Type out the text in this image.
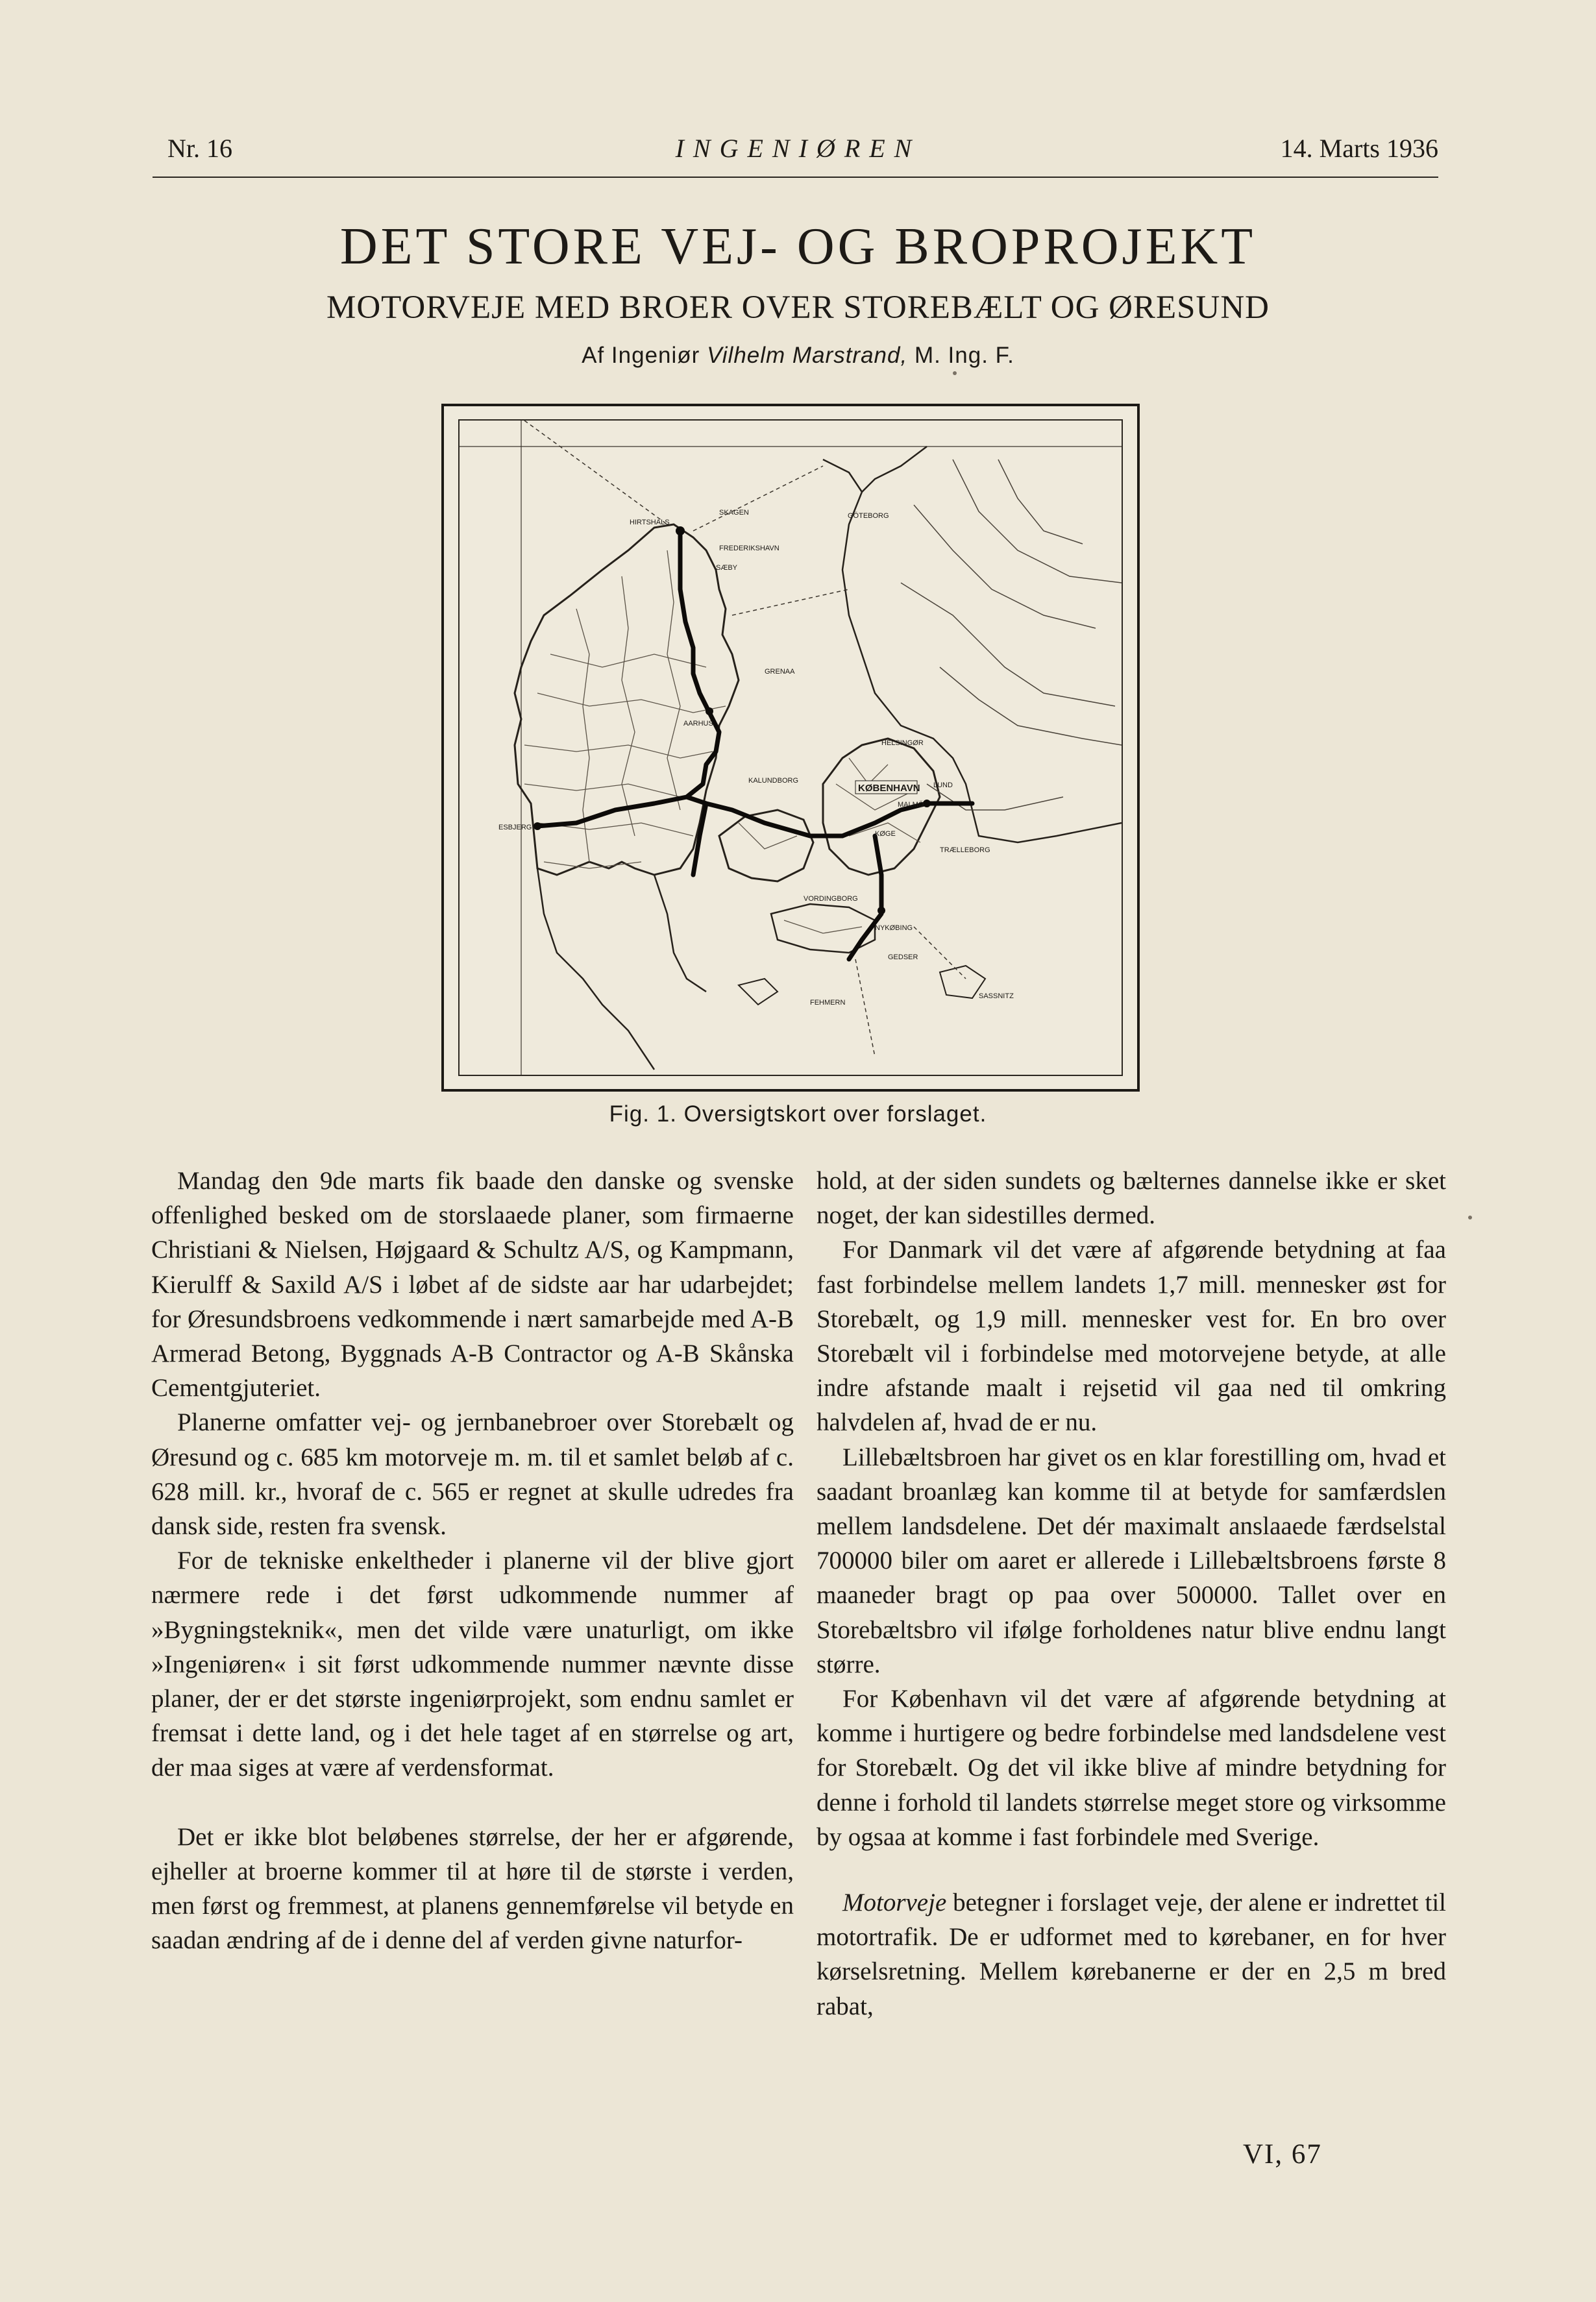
Nr. 16	INGENIØREN	14. Marts 1936
DET STORE VEJ- OG BROPROJEKT
MOTORVEJE MED BROER OVER STOREBÆLT OG ØRESUND
Af Ingeniør Vilhelm Marstrand, M. Ing. F.
HIRTSHALS
SKAGEN
FREDERIKSHAVN
SÆBY
GÖTEBORG
GRENAA
AARHUS
KALUNDBORG
MALMÖ
LUND
KØGE
TRÆLLEBORG
VORDINGBORG
NYKØBING
GEDSER
SASSNITZ
ESBJERG
FEHMERN
HELSINGØR
KØBENHAVN
Fig. 1. Oversigtskort over forslaget.

Mandag den 9de marts fik baade den danske og svenske offenlighed besked om de storslaaede planer, som firmaerne Christiani & Nielsen, Højgaard & Schultz A/S, og Kampmann, Kierulff & Saxild A/S i løbet af de sidste aar har udarbejdet; for Øresundsbroens vedkommende i nært samarbejde med A-B Armerad Betong, Byggnads A-B Contractor og A-B Skånska Cementgjuteriet.

Planerne omfatter vej- og jernbanebroer over Storebælt og Øresund og c. 685 km motorveje m. m. til et samlet beløb af c. 628 mill. kr., hvoraf de c. 565 er regnet at skulle udredes fra dansk side, resten fra svensk.

For de tekniske enkeltheder i planerne vil der blive gjort nærmere rede i det først udkommende nummer af »Bygningsteknik«, men det vilde være unaturligt, om ikke »Ingeniøren« i sit først udkommende nummer nævnte disse planer, der er det største ingeniørprojekt, som endnu samlet er fremsat i dette land, og i det hele taget af en størrelse og art, der maa siges at være af verdensformat.

Det er ikke blot beløbenes størrelse, der her er afgørende, ejheller at broerne kommer til at høre til de største i verden, men først og fremmest, at planens gennemførelse vil betyde en saadan ændring af de i denne del af verden givne naturfor-

hold, at der siden sundets og bælternes dannelse ikke er sket noget, der kan sidestilles dermed.

For Danmark vil det være af afgørende betydning at faa fast forbindelse mellem landets 1,7 mill. mennesker øst for Storebælt, og 1,9 mill. mennesker vest for. En bro over Storebælt vil i forbindelse med motorvejene betyde, at alle indre afstande maalt i rejsetid vil gaa ned til omkring halvdelen af, hvad de er nu.

Lillebæltsbroen har givet os en klar forestilling om, hvad et saadant broanlæg kan komme til at betyde for samfærdslen mellem landsdelene. Det dér maximalt anslaaede færdselstal 700000 biler om aaret er allerede i Lillebæltsbroens første 8 maaneder bragt op paa over 500000. Tallet over en Storebæltsbro vil ifølge forholdenes natur blive endnu langt større.

For København vil det være af afgørende betydning at komme i hurtigere og bedre forbindelse med landsdelene vest for Storebælt. Og det vil ikke blive af mindre betydning for denne i forhold til landets størrelse meget store og virksomme by ogsaa at komme i fast forbindele med Sverige.

Motorveje betegner i forslaget veje, der alene er indrettet til motortrafik. De er udformet med to kørebaner, en for hver kørselsretning. Mellem kørebanerne er der en 2,5 m bred rabat,

VI, 67
